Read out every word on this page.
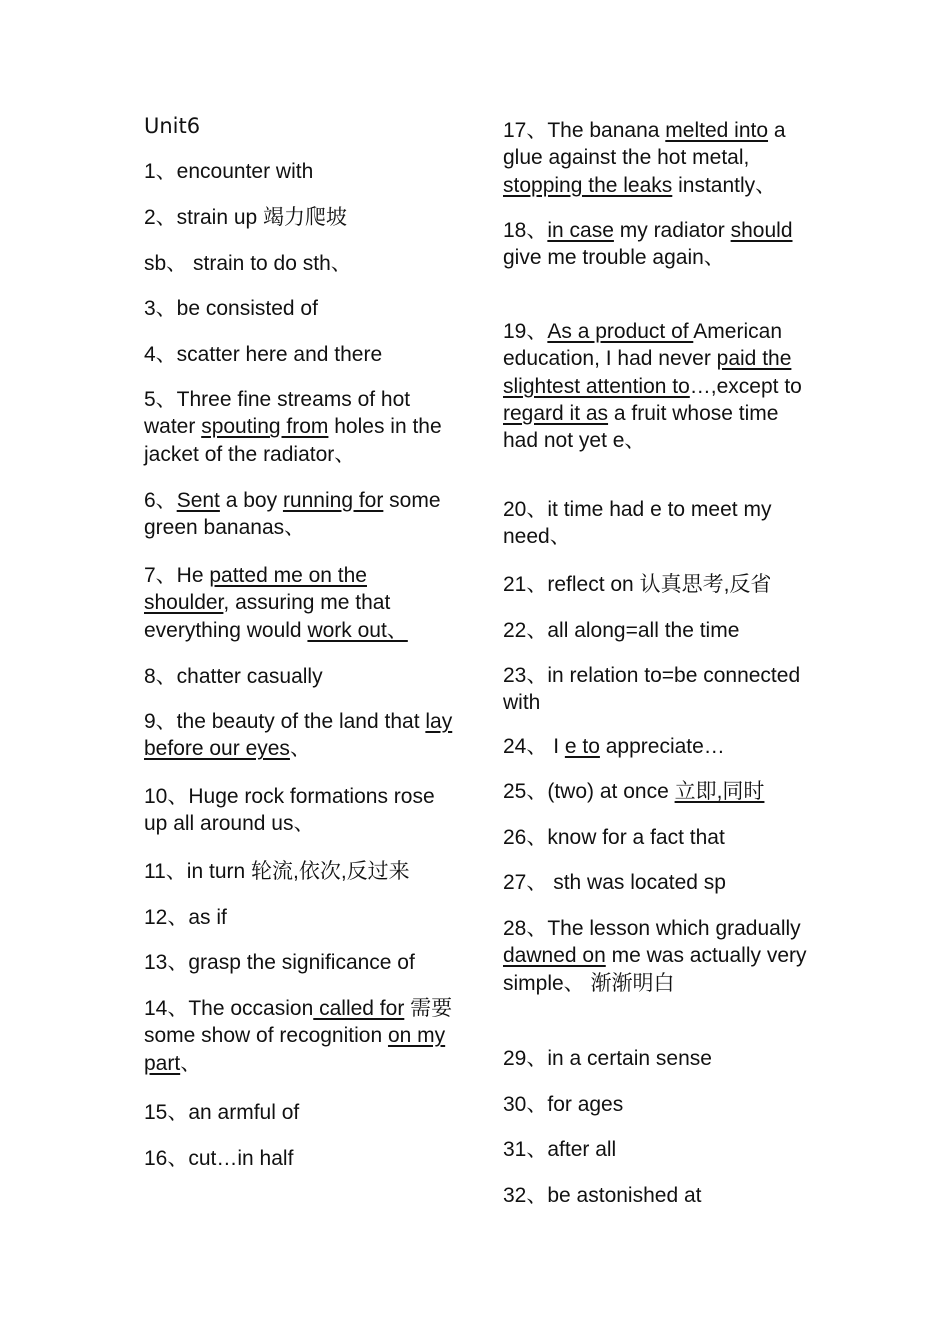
Unit6
1、encounter with
2、strain up 竭力爬坡
sb、 strain to do sth、
3、be consisted of
4、scatter here and there
5、Three fine streams of hot water spouting from holes in the jacket of the radiator、
6、Sent a boy running for some green bananas、
7、He patted me on the shoulder, assuring me that everything would work out、
8、chatter casually
9、the beauty of the land that lay before our eyes、
10、Huge rock formations rose up all around us、
11、in turn 轮流,依次,反过来
12、as if
13、grasp the significance of
14、The occasion called for 需要 some show of recognition on my part、
15、an armful of
16、cut…in half
17、The banana melted into a glue against the hot metal, stopping the leaks instantly、
18、in case my radiator should give me trouble again、
19、As a product of American education, I had never paid the slightest attention to…,except to regard it as a fruit whose time had not yet e、
20、it time had e to meet my need、
21、reflect on 认真思考,反省
22、all along=all the time
23、in relation to=be connected with
24、 I e to appreciate…
25、(two) at once 立即,同时
26、know for a fact that
27、 sth was located sp
28、The lesson which gradually dawned on me was actually very simple、 渐渐明白
29、in a certain sense
30、for ages
31、after all
32、be astonished at
